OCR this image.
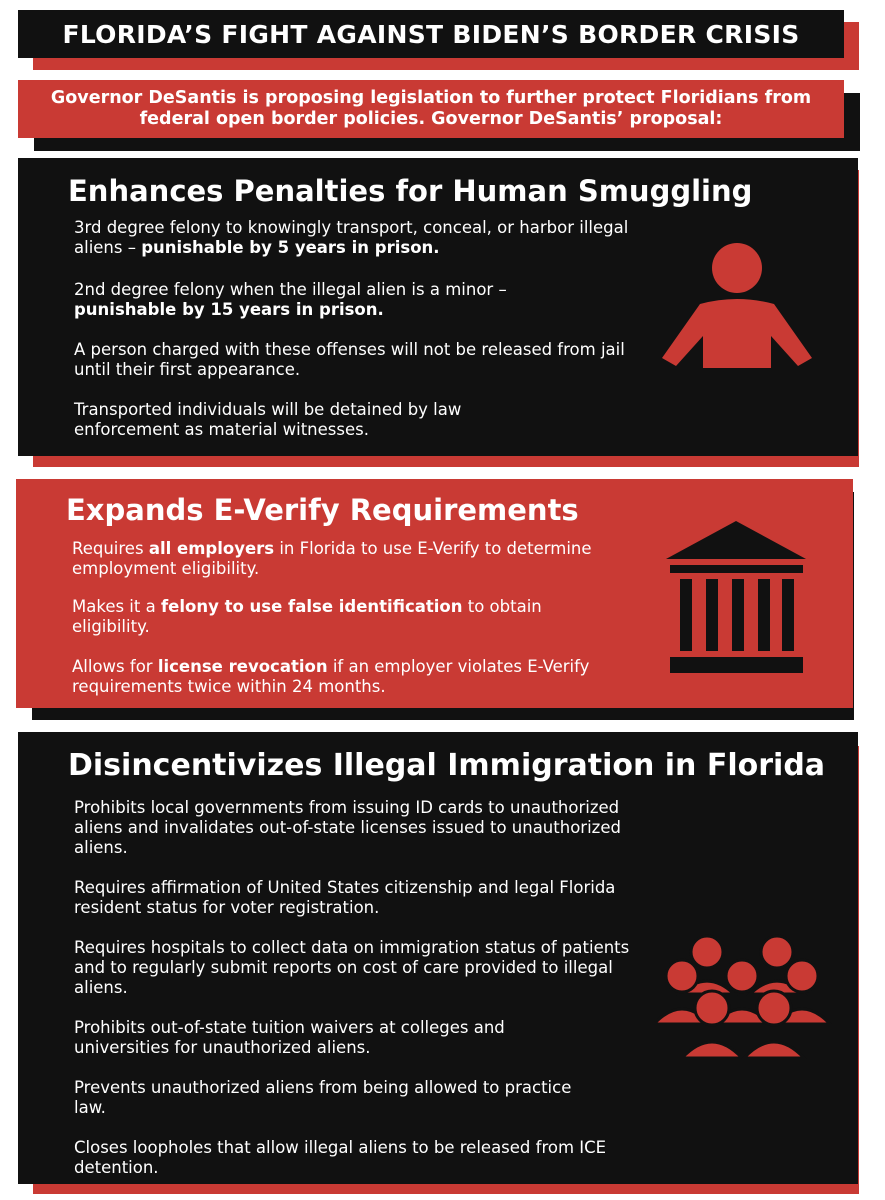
FLORIDA’S FIGHT AGAINST BIDEN’S BORDER CRISIS
Governor DeSantis is proposing legislation to further protect Floridians from federal open border policies. Governor DeSantis’ proposal:
Enhances Penalties for Human Smuggling
3rd degree felony to knowingly transport, conceal, or harbor illegal aliens – punishable by 5 years in prison.
2nd degree felony when the illegal alien is a minor – punishable by 15 years in prison.
A person charged with these offenses will not be released from jail until their first appearance.
Transported individuals will be detained by law enforcement as material witnesses.
Expands E-Verify Requirements
Requires all employers in Florida to use E-Verify to determine employment eligibility.
Makes it a felony to use false identification to obtain eligibility.
Allows for license revocation if an employer violates E-Verify requirements twice within 24 months.
Disincentivizes Illegal Immigration in Florida
Prohibits local governments from issuing ID cards to unauthorized aliens and invalidates out-of-state licenses issued to unauthorized aliens.
Requires affirmation of United States citizenship and legal Florida resident status for voter registration.
Requires hospitals to collect data on immigration status of patients and to regularly submit reports on cost of care provided to illegal aliens.
Prohibits out-of-state tuition waivers at colleges and universities for unauthorized aliens.
Prevents unauthorized aliens from being allowed to practice law.
Closes loopholes that allow illegal aliens to be released from ICE detention.
